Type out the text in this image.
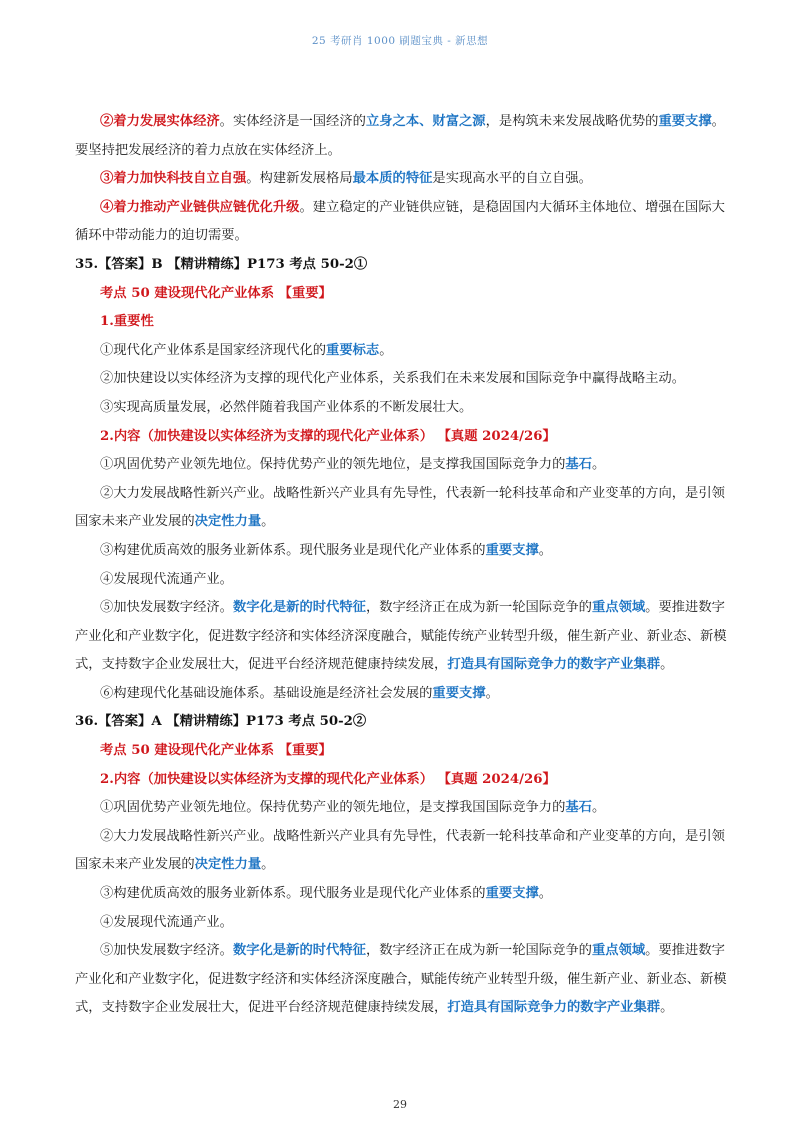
25 考研肖 1000 刷题宝典 - 新思想

②着力发展实体经济。实体经济是一国经济的立身之本、财富之源，是构筑未来发展战略优势的重要支撑。要坚持把发展经济的着力点放在实体经济上。

③着力加快科技自立自强。构建新发展格局最本质的特征是实现高水平的自立自强。

④着力推动产业链供应链优化升级。建立稳定的产业链供应链，是稳固国内大循环主体地位、增强在国际大循环中带动能力的迫切需要。

35.【答案】B 【精讲精练】P173 考点 50-2①

考点 50 建设现代化产业体系 【重要】

1.重要性

①现代化产业体系是国家经济现代化的重要标志。

②加快建设以实体经济为支撑的现代化产业体系，关系我们在未来发展和国际竞争中赢得战略主动。

③实现高质量发展，必然伴随着我国产业体系的不断发展壮大。

2.内容（加快建设以实体经济为支撑的现代化产业体系） 【真题 2024/26】

①巩固优势产业领先地位。保持优势产业的领先地位，是支撑我国国际竞争力的基石。

②大力发展战略性新兴产业。战略性新兴产业具有先导性，代表新一轮科技革命和产业变革的方向，是引领国家未来产业发展的决定性力量。

③构建优质高效的服务业新体系。现代服务业是现代化产业体系的重要支撑。

④发展现代流通产业。

⑤加快发展数字经济。数字化是新的时代特征，数字经济正在成为新一轮国际竞争的重点领域。要推进数字产业化和产业数字化，促进数字经济和实体经济深度融合，赋能传统产业转型升级，催生新产业、新业态、新模式，支持数字企业发展壮大，促进平台经济规范健康持续发展，打造具有国际竞争力的数字产业集群。

⑥构建现代化基础设施体系。基础设施是经济社会发展的重要支撑。

36.【答案】A 【精讲精练】P173 考点 50-2②

考点 50 建设现代化产业体系 【重要】

2.内容（加快建设以实体经济为支撑的现代化产业体系） 【真题 2024/26】

①巩固优势产业领先地位。保持优势产业的领先地位，是支撑我国国际竞争力的基石。

②大力发展战略性新兴产业。战略性新兴产业具有先导性，代表新一轮科技革命和产业变革的方向，是引领国家未来产业发展的决定性力量。

③构建优质高效的服务业新体系。现代服务业是现代化产业体系的重要支撑。

④发展现代流通产业。

⑤加快发展数字经济。数字化是新的时代特征，数字经济正在成为新一轮国际竞争的重点领域。要推进数字产业化和产业数字化，促进数字经济和实体经济深度融合，赋能传统产业转型升级，催生新产业、新业态、新模式，支持数字企业发展壮大，促进平台经济规范健康持续发展，打造具有国际竞争力的数字产业集群。

29
